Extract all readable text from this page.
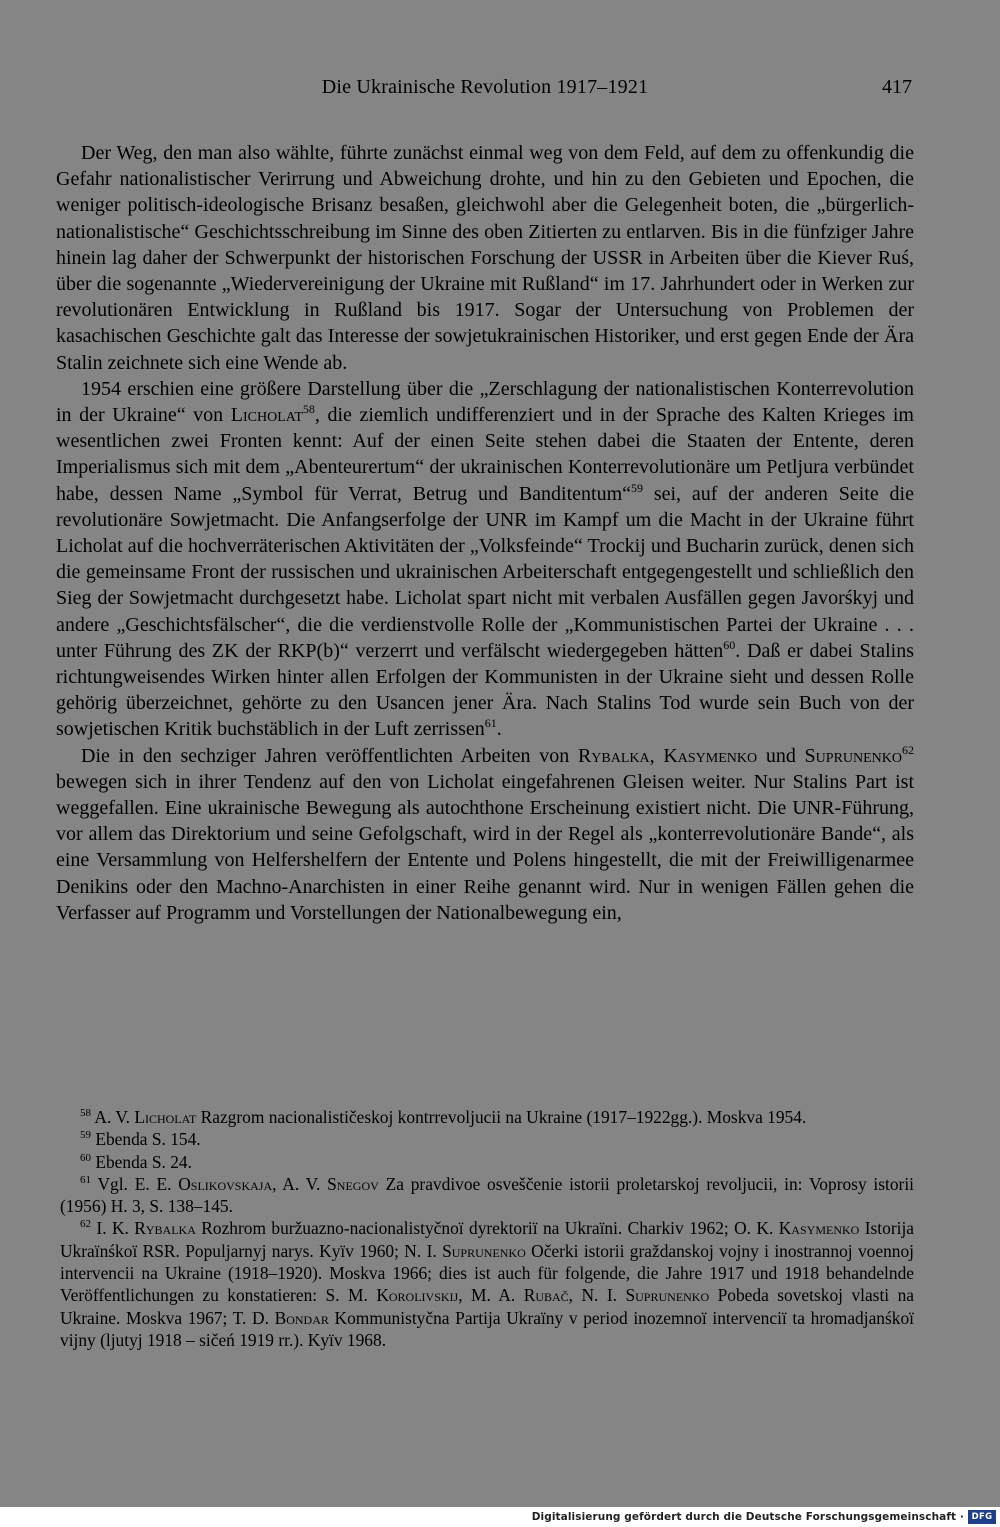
Die Ukrainische Revolution 1917–1921	417

Der Weg, den man also wählte, führte zunächst einmal weg von dem Feld, auf dem zu offenkundig die Gefahr nationalistischer Verirrung und Abweichung drohte, und hin zu den Gebieten und Epochen, die weniger politisch-ideologische Brisanz besaßen, gleichwohl aber die Gelegenheit boten, die „bürgerlich-nationalistische“ Geschichtsschreibung im Sinne des oben Zitierten zu entlarven. Bis in die fünfziger Jahre hinein lag daher der Schwerpunkt der historischen Forschung der USSR in Arbeiten über die Kiever Ruś, über die sogenannte „Wiedervereinigung der Ukraine mit Rußland“ im 17. Jahrhundert oder in Werken zur revolutionären Entwicklung in Rußland bis 1917. Sogar der Untersuchung von Problemen der kasachischen Geschichte galt das Interesse der sowjetukrainischen Historiker, und erst gegen Ende der Ära Stalin zeichnete sich eine Wende ab.

1954 erschien eine größere Darstellung über die „Zerschlagung der nationalistischen Konterrevolution in der Ukraine“ von Licholat$^{58}$, die ziemlich undifferenziert und in der Sprache des Kalten Krieges im wesentlichen zwei Fronten kennt: Auf der einen Seite stehen dabei die Staaten der Entente, deren Imperialismus sich mit dem „Abenteurertum“ der ukrainischen Konterrevolutionäre um Petljura verbündet habe, dessen Name „Symbol für Verrat, Betrug und Banditentum“$^{59}$ sei, auf der anderen Seite die revolutionäre Sowjetmacht. Die Anfangserfolge der UNR im Kampf um die Macht in der Ukraine führt Licholat auf die hochverräterischen Aktivitäten der „Volksfeinde“ Trockij und Bucharin zurück, denen sich die gemeinsame Front der russischen und ukrainischen Arbeiterschaft entgegengestellt und schließlich den Sieg der Sowjetmacht durchgesetzt habe. Licholat spart nicht mit verbalen Ausfällen gegen Javorśkyj und andere „Geschichtsfälscher“, die die verdienstvolle Rolle der „Kommunistischen Partei der Ukraine . . . unter Führung des ZK der RKP(b)“ verzerrt und verfälscht wiedergegeben hätten$^{60}$. Daß er dabei Stalins richtungweisendes Wirken hinter allen Erfolgen der Kommunisten in der Ukraine sieht und dessen Rolle gehörig überzeichnet, gehörte zu den Usancen jener Ära. Nach Stalins Tod wurde sein Buch von der sowjetischen Kritik buchstäblich in der Luft zerrissen$^{61}$.

Die in den sechziger Jahren veröffentlichten Arbeiten von Rybalka, Kasymenko und Suprunenko$^{62}$ bewegen sich in ihrer Tendenz auf den von Licholat eingefahrenen Gleisen weiter. Nur Stalins Part ist weggefallen. Eine ukrainische Bewegung als autochthone Erscheinung existiert nicht. Die UNR-Führung, vor allem das Direktorium und seine Gefolgschaft, wird in der Regel als „konterrevolutionäre Bande“, als eine Versammlung von Helfershelfern der Entente und Polens hingestellt, die mit der Freiwilligenarmee Denikins oder den Machno-Anarchisten in einer Reihe genannt wird. Nur in wenigen Fällen gehen die Verfasser auf Programm und Vorstellungen der Nationalbewegung ein,

$^{58}$ A. V. Licholat Razgrom nacionalističeskoj kontrrevoljucii na Ukraine (1917–1922gg.). Moskva 1954.

$^{59}$ Ebenda S. 154.

$^{60}$ Ebenda S. 24.

$^{61}$ Vgl. E. E. Oslikovskaja, A. V. Snegov Za pravdivoe osveščenie istorii proletarskoj revoljucii, in: Voprosy istorii (1956) H. 3, S. 138–145.

$^{62}$ I. K. Rybalka Rozhrom buržuazno-nacionalistyčnoï dyrektoriï na Ukraïni. Charkiv 1962; O. K. Kasymenko Istorija Ukraïnśkoï RSR. Populjarnyj narys. Kyïv 1960; N. I. Suprunenko Očerki istorii graždanskoj vojny i inostrannoj voennoj intervencii na Ukraine (1918–1920). Moskva 1966; dies ist auch für folgende, die Jahre 1917 und 1918 behandelnde Veröffentlichungen zu konstatieren: S. M. Korolivskij, M. A. Rubač, N. I. Suprunenko Pobeda sovetskoj vlasti na Ukraine. Moskva 1967; T. D. Bondar Kommunistyčna Partija Ukraïny v period inozemnoï intervenciï ta hromadjanśkoï vijny (ljutyj 1918 – sičeń 1919 rr.). Kyïv 1968.

Digitalisierung gefördert durch die Deutsche Forschungsgemeinschaft · DFG
